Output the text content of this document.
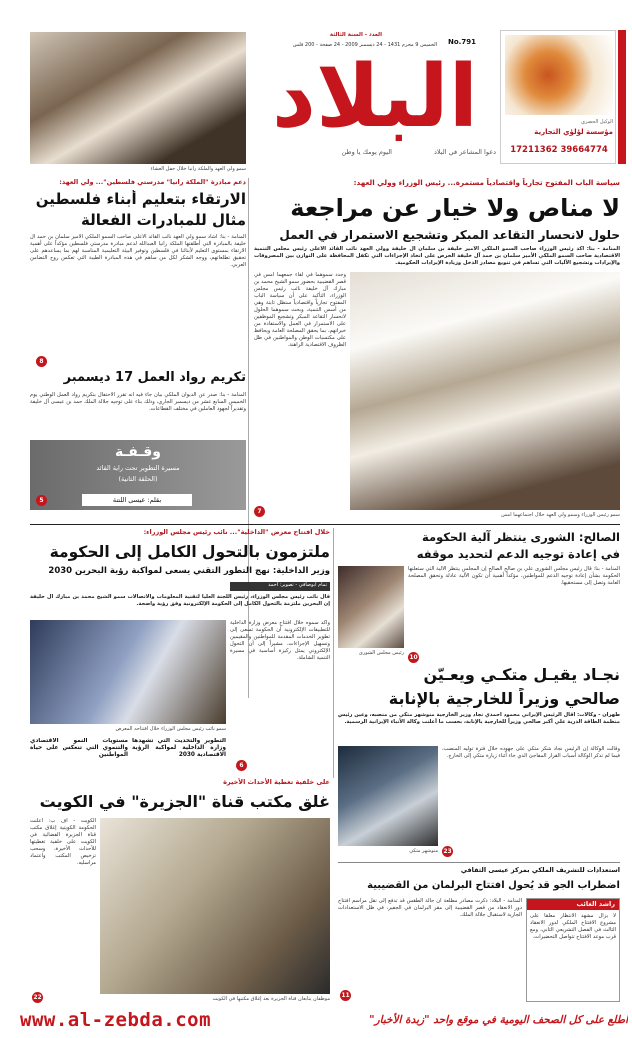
الوكيل الحصري
مؤسسة لؤلؤي التجارية
17211362 39664774
العدد - السنة الثالثة
الخميس 9 محرم 1431 - 24 ديسمبر 2009 - 24 صفحة - 200 فلس No.791
البلاد
اليوم يومك يا وطن	دعوا المشاعر في البلاد
سمو ولي العهد والملكة رانيا خلال حفل العشاء
دعم مبادرة "الملكة رانيا" مدرستي فلسطين"... ولي العهد:
الارتقاء بتعليم أبناء فلسطين
مثال للمبادرات الفعالة
المنامة - بنا: أشاد سمو ولي العهد نائب القائد الأعلى صاحب السمو الملكي الأمير سلمان بن حمد آل خليفة بالمبادرة التي أطلقتها الملكة رانيا العبدالله لدعم مبادرة مدرستي فلسطين مؤكداً على أهمية الارتقاء بمستوى التعليم لأبنائنا في فلسطين وتوفير البيئة التعليمية المناسبة لهم بما يساعدهم على تحقيق تطلعاتهم، ووجه الشكر لكل من ساهم في هذه المبادرة الطيبة التي تعكس روح التضامن العربي.
8
سياسة الباب المفتوح تجارياً واقتصادياً مستمرة... رئيس الوزراء وولي العهد:
لا مناص ولا خيار عن مراجعة
حلول لانحسار التقاعد المبكر وتشجيع الاستمرار في العمل
المنامة - بنا: أكد رئيس الوزراء صاحب السمو الملكي الأمير خليفة بن سلمان آل خليفة وولي العهد نائب القائد الأعلى رئيس مجلس التنمية الاقتصادية صاحب السمو الملكي الأمير سلمان بن حمد آل خليفة الحرص على اتخاذ الإجراءات التي تكفل المحافظة على التوازن بين المصروفات والإيرادات وتشجيع الأليات التي تساهم في تنويع مصادر الدخل وزيادة الإيرادات الحكومية.
سمو رئيس الوزراء وسمو ولي العهد خلال اجتماعهما أمس
وجدد سموهما في لقاء جمعهما أمس في قصر القضيبية بحضور سمو الشيخ محمد بن مبارك آل خليفة نائب رئيس مجلس الوزراء، التأكيد على أن سياسة الباب المفتوح تجارياً واقتصادياً ستظل ثابتة وهي من أسس التنمية، وبحث سموهما الحلول لانحسار التقاعد المبكر وتشجيع الموظفين على الاستمرار في العمل والاستفادة من خبراتهم، بما يحقق المصلحة العامة ويحافظ على مكتسبات الوطن والمواطنين في ظل الظروف الاقتصادية الراهنة.
7
تكريم رواد العمل 17 ديسمبر
المنامة - بنا: صدر عن الديوان الملكي بيان جاء فيه أنه تقرر الاحتفال بتكريم رواد العمل الوطني يوم الخميس السابع عشر من ديسمبر الجاري، وذلك بناء على توجيه جلالة الملك حمد بن عيسى آل خليفة وتقديراً لجهود العاملين في مختلف القطاعات.
وقـفـة
مسيرة التطوير تحت راية القائد
(الحلقة الثانية)
بقلم: عيسى اللتنة
5
خلال افتتاح معرض "الداخلية"... نائب رئيس مجلس الوزراء:
ملتزمون بالتحول الكامل إلى الحكومة
وزير الداخلية: نهج التطور التقني يسعى لمواكبة رؤية البحرين 2030
تمام أبوصافي - تصوير: أحمد
قال نائب رئيس مجلس الوزراء، رئيس اللجنة العليا لتقنية المعلومات والاتصالات سمو الشيخ محمد بن مبارك آل خليفة إن البحرين ملتزمة بالتحول الكامل إلى الحكومة الإلكترونية وفق رؤية واضحة.
سمو نائب رئيس مجلس الوزراء خلال افتتاحه المعرض
وأكد سموه خلال افتتاح معرض وزارة الداخلية للتطبيقات الإلكترونية أن الحكومة تسعى إلى تطوير الخدمات المقدمة للمواطنين والمقيمين وتسهيل الإجراءات، مشيراً إلى أن التحول الإلكتروني يمثل ركيزة أساسية في مسيرة التنمية الشاملة.
التطوير والتحديث التي تشهدها وزارة الداخلية لمواكبة الرؤية الاقتصادية 2030
مستويات النمو الاقتصادي والتنموي التي تنعكس على حياة المواطنين
6
الصالح: الشورى ينتظر آلية الحكومة
في إعادة توجيه الدعم لتحديد موقفه
رئيس مجلس الشورى
المنامة - بنا: قال رئيس مجلس الشورى علي بن صالح الصالح إن المجلس ينتظر الآلية التي ستعلنها الحكومة بشأن إعادة توجيه الدعم للمواطنين، مؤكداً أهمية أن تكون الآلية عادلة وتحقق المصلحة العامة وتصل إلى مستحقيها.
10
نجـاد يقيـل متكـي ويعـيّن
صالحي وزيراً للخارجية بالإنابة
طهران - وكالات: أقال الرئيس الإيراني محمود أحمدي نجاد وزير الخارجية منوشهر متكي من منصبه، وعين رئيس منظمة الطاقة الذرية علي أكبر صالحي وزيراً للخارجية بالإنابة، بحسب ما أعلنت وكالة الأنباء الإيرانية الرسمية.
وقالت الوكالة إن الرئيس نجاد شكر متكي على جهوده خلال فترة توليه المنصب، فيما لم تذكر الوكالة أسباب القرار المفاجئ الذي جاء أثناء زيارة متكي إلى الخارج.
منوشهر متكي 23
على خلفية تغطية الأحداث الأخيرة
غلق مكتب قناة "الجزيرة" في الكويت
موظفان يتابعان قناة الجزيرة بعد إغلاق مكتبها في الكويت
الكويت - أف ب: أعلنت الحكومة الكويتية إغلاق مكتب قناة الجزيرة الفضائية في الكويت على خلفية تغطيتها للأحداث الأخيرة، وسحب ترخيص المكتب واعتماد مراسليه.
22
استعدادات للتشريف الملكي بمركز عيسى الثقافي
اضطراب الجو قد يُحول افتتاح البرلمان من القضيبية
المنامة - البلاد: ذكرت مصادر مطلعة أن حالة الطقس قد تدفع إلى نقل مراسم افتتاح دور الانعقاد من قصر القضيبية إلى مقر البرلمان في الجفير، في ظل الاستعدادات الجارية لاستقبال جلالة الملك.
11
راشد الغائب
لا يزال مشهد الانتظار معلقاً على مشروع الافتتاح الملكي لدور الانعقاد الثالث في الفصل التشريعي الثاني، ومع قرب موعد الافتتاح تتواصل التحضيرات.
www.al-zebda.com	اطلع على كل الصحف اليومية في موقع واحد "زبدة الأخبار"
